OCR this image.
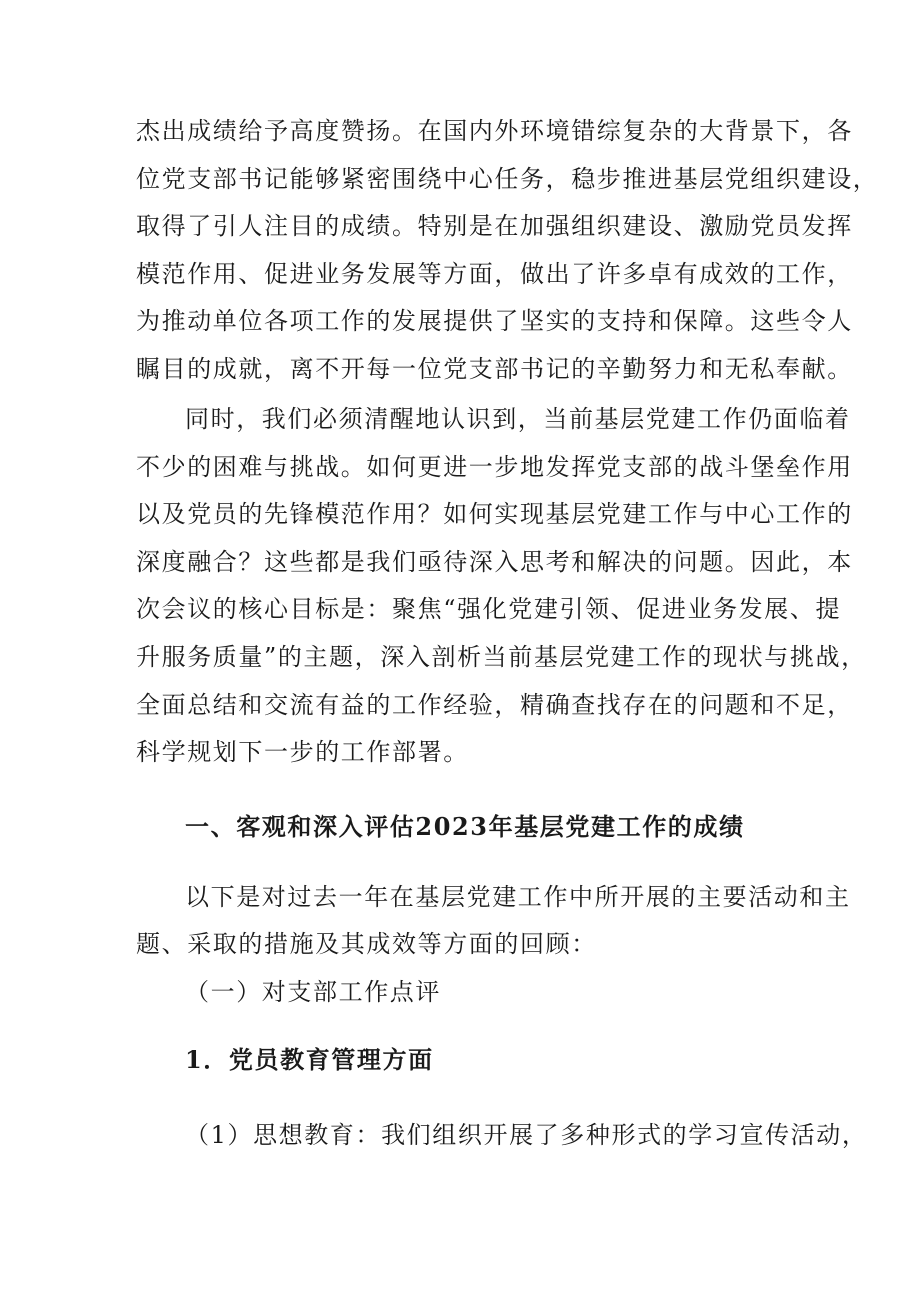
杰出成绩给予高度赞扬。在国内外环境错综复杂的大背景下，各
位党支部书记能够紧密围绕中心任务，稳步推进基层党组织建设，
取得了引人注目的成绩。特别是在加强组织建设、激励党员发挥
模范作用、促进业务发展等方面，做出了许多卓有成效的工作，
为推动单位各项工作的发展提供了坚实的支持和保障。这些令人
瞩目的成就，离不开每一位党支部书记的辛勤努力和无私奉献。
同时，我们必须清醒地认识到，当前基层党建工作仍面临着
不少的困难与挑战。如何更进一步地发挥党支部的战斗堡垒作用
以及党员的先锋模范作用？如何实现基层党建工作与中心工作的
深度融合？这些都是我们亟待深入思考和解决的问题。因此，本
次会议的核心目标是：聚焦“强化党建引领、促进业务发展、提
升服务质量”的主题，深入剖析当前基层党建工作的现状与挑战，
全面总结和交流有益的工作经验，精确查找存在的问题和不足，
科学规划下一步的工作部署。
一、客观和深入评估2023年基层党建工作的成绩
以下是对过去一年在基层党建工作中所开展的主要活动和主
题、采取的措施及其成效等方面的回顾：
（一）对支部工作点评
1．党员教育管理方面
（1）思想教育：我们组织开展了多种形式的学习宣传活动，
